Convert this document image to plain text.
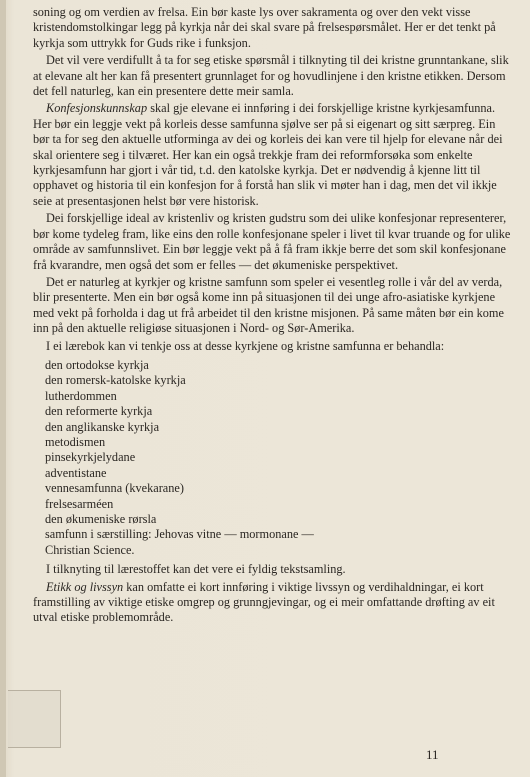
soning og om verdien av frelsa. Ein bør kaste lys over sakramenta og over den vekt visse kristendomstolkingar legg på kyrkja når dei skal svare på frelsespørsmålet. Her er det tenkt på kyrkja som uttrykk for Guds rike i funksjon.

Det vil vere verdifullt å ta for seg etiske spørsmål i tilknyting til dei kristne grunntankane, slik at elevane alt her kan få presentert grunnlaget for og hovudlinjene i den kristne etikken. Dersom det fell naturleg, kan ein presentere dette meir samla.

Konfesjonskunnskap skal gje elevane ei innføring i dei forskjellige kristne kyrkjesamfunna. Her bør ein leggje vekt på korleis desse samfunna sjølve ser på si eigenart og sitt særpreg. Ein bør ta for seg den aktuelle utforminga av dei og korleis dei kan vere til hjelp for elevane når dei skal orientere seg i tilværet. Her kan ein også trekkje fram dei reformforsøka som enkelte kyrkjesamfunn har gjort i vår tid, t.d. den katolske kyrkja. Det er nødvendig å kjenne litt til opphavet og historia til ein konfesjon for å forstå han slik vi møter han i dag, men det vil ikkje seie at presentasjonen helst bør vere historisk.

Dei forskjellige ideal av kristenliv og kristen gudstru som dei ulike konfesjonar representerer, bør kome tydeleg fram, like eins den rolle konfesjonane speler i livet til kvar truande og for ulike område av samfunnslivet. Ein bør leggje vekt på å få fram ikkje berre det som skil konfesjonane frå kvarandre, men også det som er felles — det økumeniske perspektivet.

Det er naturleg at kyrkjer og kristne samfunn som speler ei vesentleg rolle i vår del av verda, blir presenterte. Men ein bør også kome inn på situasjonen til dei unge afro-asiatiske kyrkjene med vekt på forholda i dag ut frå arbeidet til den kristne misjonen. På same måten bør ein kome inn på den aktuelle religiøse situasjonen i Nord- og Sør-Amerika.

I ei lærebok kan vi tenkje oss at desse kyrkjene og kristne samfunna er behandla:

den ortodokse kyrkja
den romersk-katolske kyrkja
lutherdommen
den reformerte kyrkja
den anglikanske kyrkja
metodismen
pinsekyrkjelydane
adventistane
vennesamfunna (kvekarane)
frelsesarméen
den økumeniske rørsla
samfunn i særstilling: Jehovas vitne — mormonane —
Christian Science.

I tilknyting til lærestoffet kan det vere ei fyldig tekstsamling.

Etikk og livssyn kan omfatte ei kort innføring i viktige livssyn og verdihaldningar, ei kort framstilling av viktige etiske omgrep og grunngjevingar, og ei meir omfattande drøfting av eit utval etiske problemområde.

11
